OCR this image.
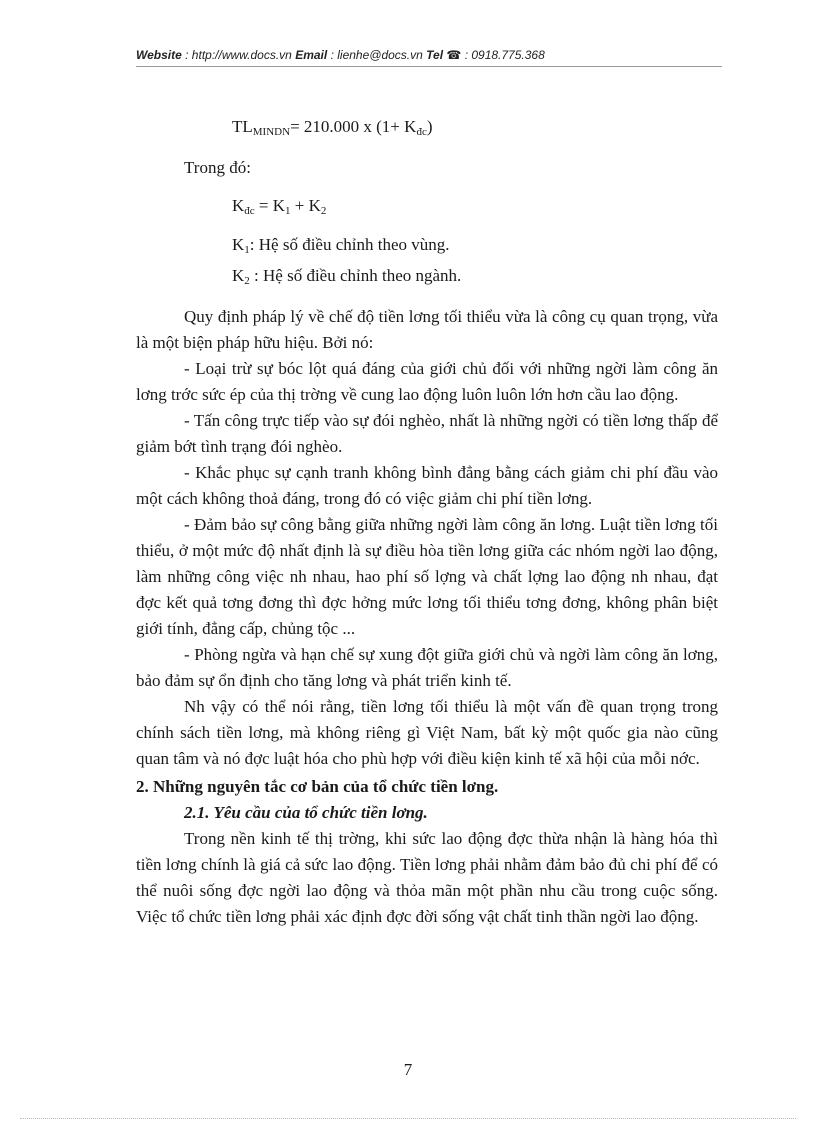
Website : http://www.docs.vn Email : lienhe@docs.vn Tel ☎ : 0918.775.368

$TL_{MINDN}= 210.000$ x $(1+ K_{đc})$

Trong đó:

$K_{đc} = K_1 + K_2$

$K_1$: Hệ số điều chỉnh theo vùng.

$K_2$ : Hệ số điều chỉnh theo ngành.

Quy định pháp lý về chế độ tiền lơng tối thiểu vừa là công cụ quan trọng, vừa là một biện pháp hữu hiệu. Bởi nó:

- Loại trừ sự bóc lột quá đáng của giới chủ đối với những ngời làm công ăn lơng trớc sức ép của thị trờng về cung lao động luôn luôn lớn hơn cầu lao động.

- Tấn công trực tiếp vào sự đói nghèo, nhất là những ngời có tiền lơng thấp để giảm bớt tình trạng đói nghèo.

- Khắc phục sự cạnh tranh không bình đẳng bằng cách giảm chi phí đầu vào một cách không thoả đáng, trong đó có việc giảm chi phí tiền lơng.

- Đảm bảo sự công bằng giữa những ngời làm công ăn lơng. Luật tiền lơng tối thiểu, ở một mức độ nhất định là sự điều hòa tiền lơng giữa các nhóm ngời lao động, làm những công việc nh nhau, hao phí số lợng và chất lợng lao động nh nhau, đạt đợc kết quả tơng đơng thì đợc hởng mức lơng tối thiểu tơng đơng, không phân biệt giới tính, đẳng cấp, chủng tộc ...

- Phòng ngừa và hạn chế sự xung đột giữa giới chủ và ngời làm công ăn lơng, bảo đảm sự ổn định cho tăng lơng và phát triển kinh tế.

Nh vậy có thể nói rằng, tiền lơng tối thiểu là một vấn đề quan trọng trong chính sách tiền lơng, mà không riêng gì Việt Nam, bất kỳ một quốc gia nào cũng quan tâm và nó đợc luật hóa cho phù hợp với điều kiện kinh tế xã hội của mỗi nớc.

2. Những nguyên tắc cơ bản của tổ chức tiền lơng.

2.1. Yêu cầu của tổ chức tiền lơng.

Trong nền kinh tế thị trờng, khi sức lao động đợc thừa nhận là hàng hóa thì tiền lơng chính là giá cả sức lao động. Tiền lơng phải nhằm đảm bảo đủ chi phí để có thể nuôi sống đợc ngời lao động và thỏa mãn một phần nhu cầu trong cuộc sống. Việc tổ chức tiền lơng phải xác định đợc đời sống vật chất tinh thần ngời lao động.

7
